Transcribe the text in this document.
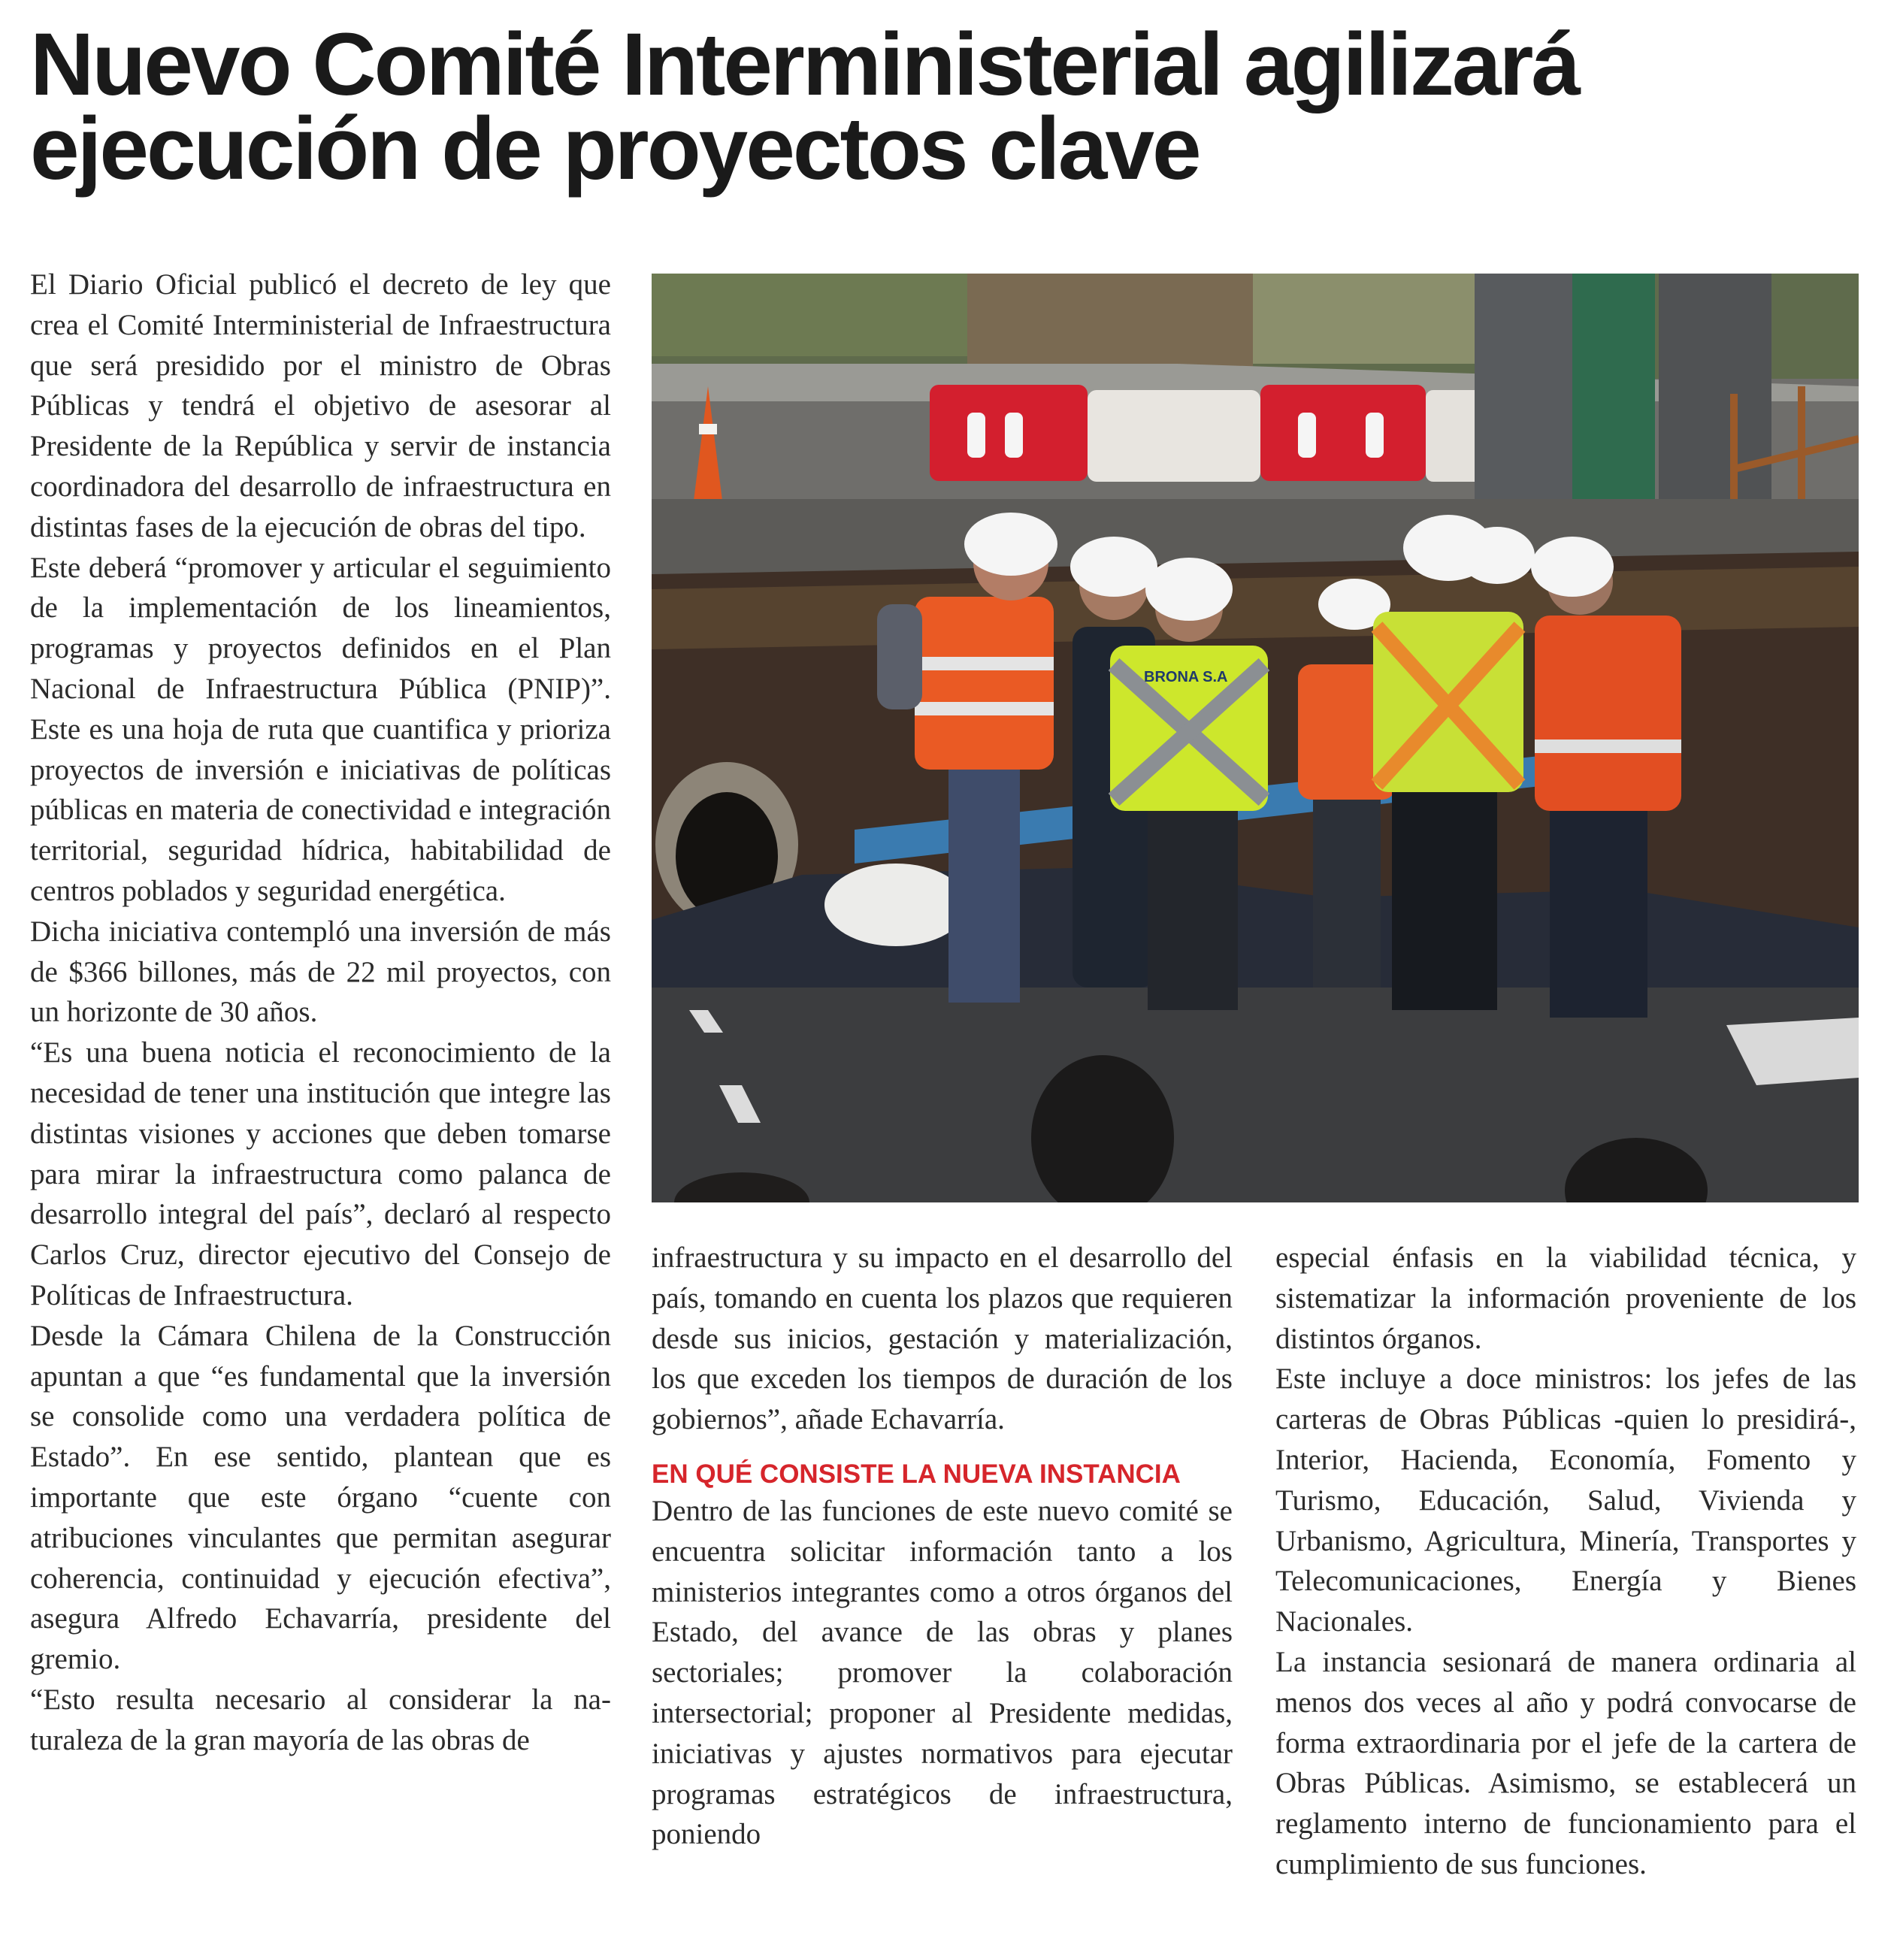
Nuevo Comité Interministerial agilizará ejecución de proyectos clave

El Diario Oficial publicó el decreto de ley que crea el Comité Interministerial de Infraestructura que será presidido por el ministro de Obras Públicas y tendrá el objetivo de asesorar al Presidente de la República y servir de instancia coordinadora del desarrollo de infraestructura en distintas fases de la ejecución de obras del tipo.

Este deberá “promover y articular el seguimiento de la implementación de los lineamientos, programas y proyectos definidos en el Plan Nacional de Infraestructura Pública (PNIP)”. Este es una hoja de ruta que cuantifica y prioriza proyectos de inversión e iniciativas de políticas públicas en materia de conectividad e integración territorial, seguridad hídrica, habitabilidad de centros poblados y seguridad energética.

Dicha iniciativa contempló una inversión de más de $366 billones, más de 22 mil proyectos, con un horizonte de 30 años.

“Es una buena noticia el reconocimiento de la necesidad de tener una institución que integre las distintas visiones y acciones que deben tomarse para mirar la infraestructura como palanca de desarrollo integral del país”, declaró al respecto Carlos Cruz, director ejecutivo del Consejo de Políticas de Infraestructura.

Desde la Cámara Chilena de la Construcción apuntan a que “es fundamental que la inversión se consolide como una verdadera política de Estado”. En ese sentido, plantean que es importante que este órgano “cuente con atribuciones vinculantes que permitan asegurar coherencia, continuidad y ejecución efectiva”, asegura Alfredo Echavarría, presidente del gremio.

“Esto resulta necesario al considerar la naturaleza de la gran mayoría de las obras de

BRONA S.A

infraestructura y su impacto en el desarrollo del país, tomando en cuenta los plazos que requieren desde sus inicios, gestación y materialización, los que exceden los tiempos de duración de los gobiernos”, añade Echavarría.

EN QUÉ CONSISTE LA NUEVA INSTANCIA

Dentro de las funciones de este nuevo comité se encuentra solicitar información tanto a los ministerios integrantes como a otros órganos del Estado, del avance de las obras y planes sectoriales; promover la colaboración intersectorial; proponer al Presidente medidas, iniciativas y ajustes normativos para ejecutar programas estratégicos de infraestructura, poniendo

especial énfasis en la viabilidad técnica, y sistematizar la información proveniente de los distintos órganos.

Este incluye a doce ministros: los jefes de las carteras de Obras Públicas -quien lo presidirá-, Interior, Hacienda, Economía, Fomento y Turismo, Educación, Salud, Vivienda y Urbanismo, Agricultura, Minería, Transportes y Telecomunicaciones, Energía y Bienes Nacionales.

La instancia sesionará de manera ordinaria al menos dos veces al año y podrá convocarse de forma extraordinaria por el jefe de la cartera de Obras Públicas. Asimismo, se establecerá un reglamento interno de funcionamiento para el cumplimiento de sus funciones.
